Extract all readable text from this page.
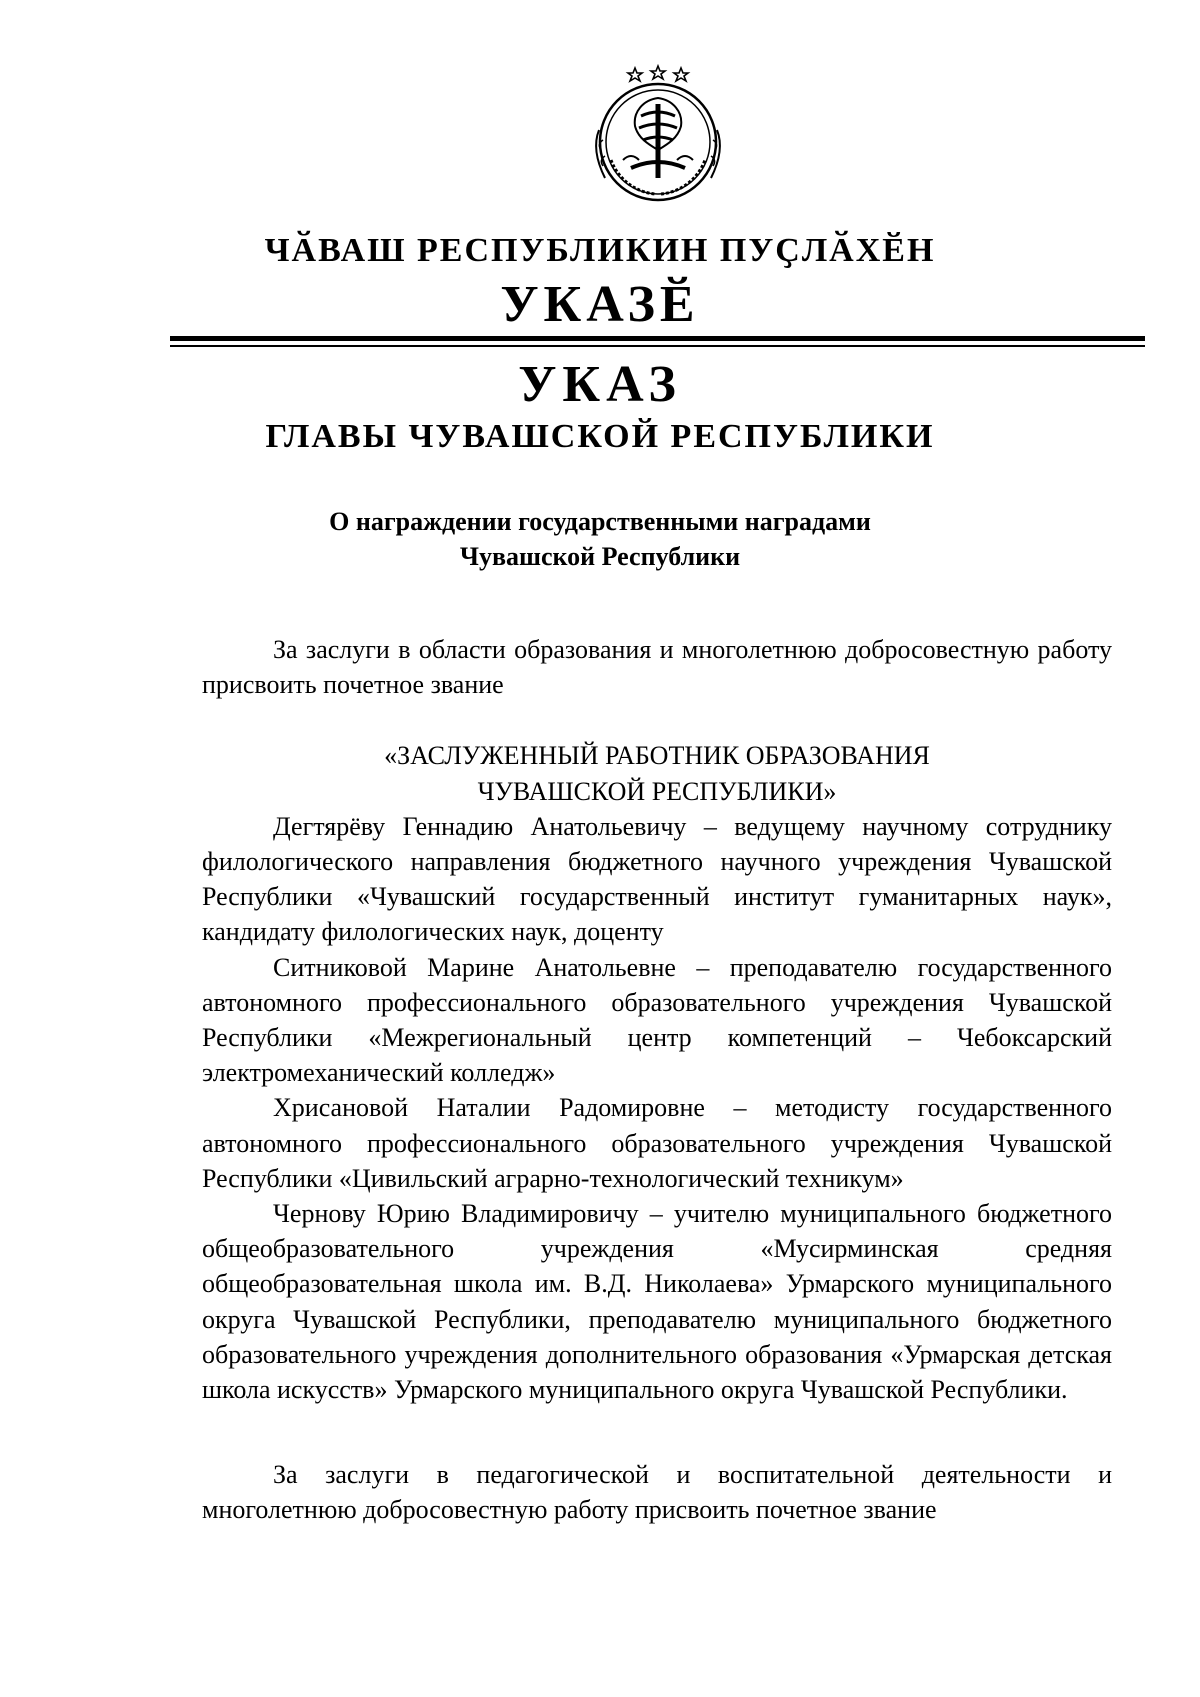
ЧӐВАШ РЕСПУБЛИКИН ПУҪЛӐХӖН
УКАЗӖ
УКАЗ
ГЛАВЫ ЧУВАШСКОЙ РЕСПУБЛИКИ
О награждении государственными наградами
Чувашской Республики

За заслуги в области образования и многолетнюю добросовестную работу присвоить почетное звание

«ЗАСЛУЖЕННЫЙ РАБОТНИК ОБРАЗОВАНИЯ

ЧУВАШСКОЙ РЕСПУБЛИКИ»

Дегтярёву Геннадию Анатольевичу – ведущему научному сотруднику филологического направления бюджетного научного учреждения Чувашской Республики «Чувашский государственный институт гуманитарных наук», кандидату филологических наук, доценту

Ситниковой Марине Анатольевне – преподавателю государственного автономного профессионального образовательного учреждения Чувашской Республики «Межрегиональный центр компетенций – Чебоксарский электромеханический колледж»

Хрисановой Наталии Радомировне – методисту государственного автономного профессионального образовательного учреждения Чувашской Республики «Цивильский аграрно-технологический техникум»

Чернову Юрию Владимировичу – учителю муниципального бюджетного общеобразовательного учреждения «Мусирминская средняя общеобразовательная школа им. В.Д. Николаева» Урмарского муниципального округа Чувашской Республики, преподавателю муниципального бюджетного образовательного учреждения дополнительного образования «Урмарская детская школа искусств» Урмарского муниципального округа Чувашской Республики.

За заслуги в педагогической и воспитательной деятельности и многолетнюю добросовестную работу присвоить почетное звание
